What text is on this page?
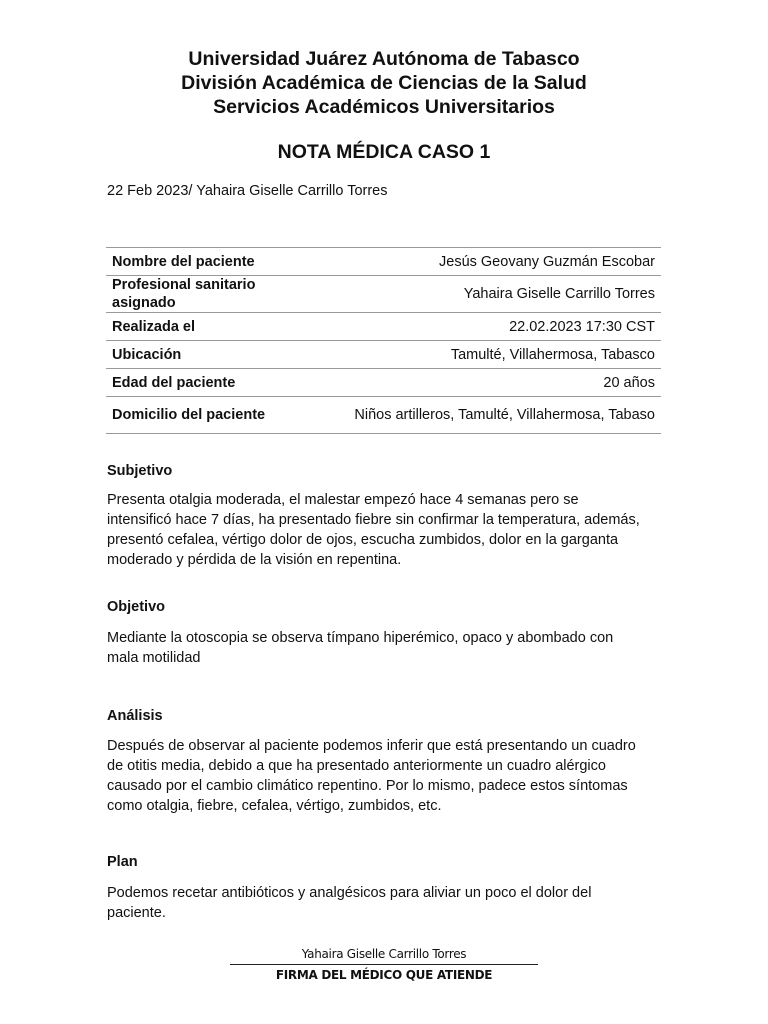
Universidad Juárez Autónoma de Tabasco
División Académica de Ciencias de la Salud
Servicios Académicos Universitarios
NOTA MÉDICA CASO 1
22 Feb 2023/ Yahaira Giselle Carrillo Torres
Nombre del paciente	Jesús Geovany Guzmán Escobar
Profesional sanitario asignado	Yahaira Giselle Carrillo Torres
Realizada el	22.02.2023 17:30 CST
Ubicación	Tamulté, Villahermosa, Tabasco
Edad del paciente	20 años
Domicilio del paciente	Niños artilleros, Tamulté, Villahermosa, Tabaso
Subjetivo
Presenta otalgia moderada, el malestar empezó hace 4 semanas pero se intensificó hace 7 días, ha presentado fiebre sin confirmar la temperatura, además, presentó cefalea, vértigo dolor de ojos, escucha zumbidos, dolor en la garganta moderado y pérdida de la visión en repentina.
Objetivo
Mediante la otoscopia se observa tímpano hiperémico, opaco y abombado con mala motilidad
Análisis
Después de observar al paciente podemos inferir que está presentando un cuadro de otitis media, debido a que ha presentado anteriormente un cuadro alérgico causado por el cambio climático repentino. Por lo mismo, padece estos síntomas como otalgia, fiebre, cefalea, vértigo, zumbidos, etc.
Plan
Podemos recetar antibióticos y analgésicos para aliviar un poco el dolor del paciente.
Yahaira Giselle Carrillo Torres
FIRMA DEL MÉDICO QUE ATIENDE
